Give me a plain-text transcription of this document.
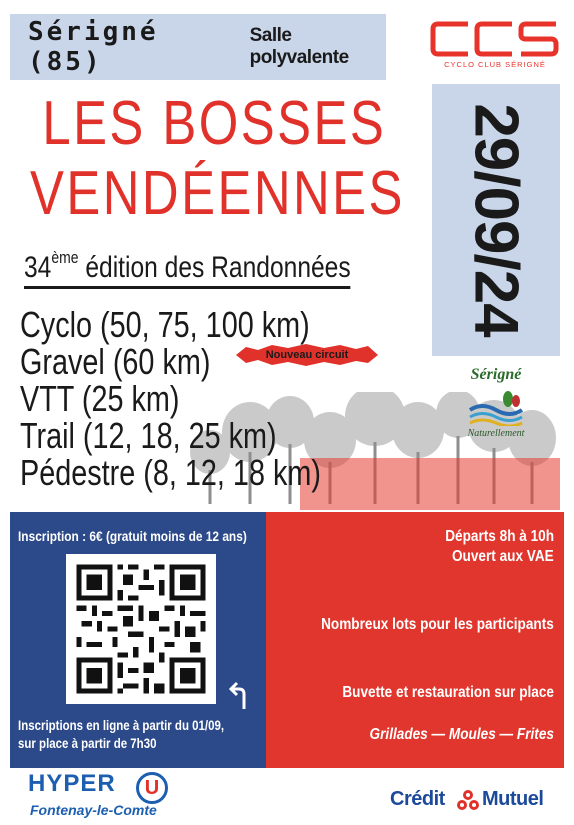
Sérigné (85)
Salle polyvalente	CYCLO CLUB SÉRIGNÉ
LES BOSSES
VENDÉENNES
34ème édition des Randonnées 29/09/24
Cyclo (50, 75, 100 km)
Gravel (60 km)
VTT (25 km)
Trail (12, 18, 25 km)
Pédestre (8, 12, 18 km)
Nouveau circuit
Sérigné
Naturellement
Inscription : 6€ (gratuit moins de 12 ans)
Inscriptions en ligne à partir du 01/09,
sur place à partir de 7h30
Départs 8h à 10h
Ouvert aux VAE
Nombreux lots pour les participants
Buvette et restauration sur place
Grillades — Moules — Frites
HYPER U
Fontenay-le-Comte	Crédit Mutuel
